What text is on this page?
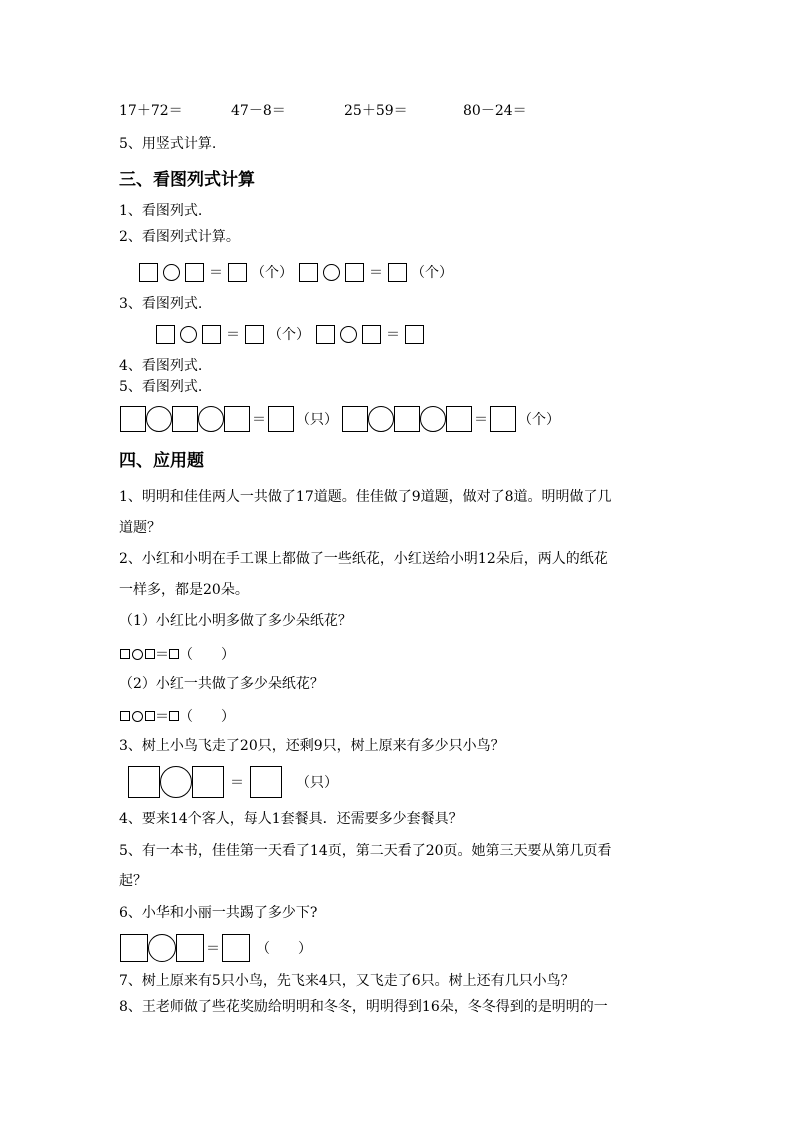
17＋72＝	47－8＝	25＋59＝	80－24＝
5、用竖式计算.
三、看图列式计算
1、看图列式.
2、看图列式计算。
＝ （个）	＝ （个）
3、看图列式.
＝ （个）	＝
4、看图列式.
5、看图列式.
＝ （只）	＝ （个）
四、应用题
1、明明和佳佳两人一共做了17道题。佳佳做了9道题，做对了8道。明明做了几
道题？
2、小红和小明在手工课上都做了一些纸花，小红送给小明12朵后，两人的纸花
一样多，都是20朵。
（1）小红比小明多做了多少朵纸花？
＝ （　　）
（2）小红一共做了多少朵纸花？
＝ （　　）
3、树上小鸟飞走了20只，还剩9只，树上原来有多少只小鸟？
＝	（只）
4、要来14个客人，每人1套餐具．还需要多少套餐具？
5、有一本书，佳佳第一天看了14页，第二天看了20页。她第三天要从第几页看
起？
6、小华和小丽一共踢了多少下?
＝	（　　）
7、树上原来有5只小鸟，先飞来4只，又飞走了6只。树上还有几只小鸟？
8、王老师做了些花奖励给明明和冬冬，明明得到16朵，冬冬得到的是明明的一
